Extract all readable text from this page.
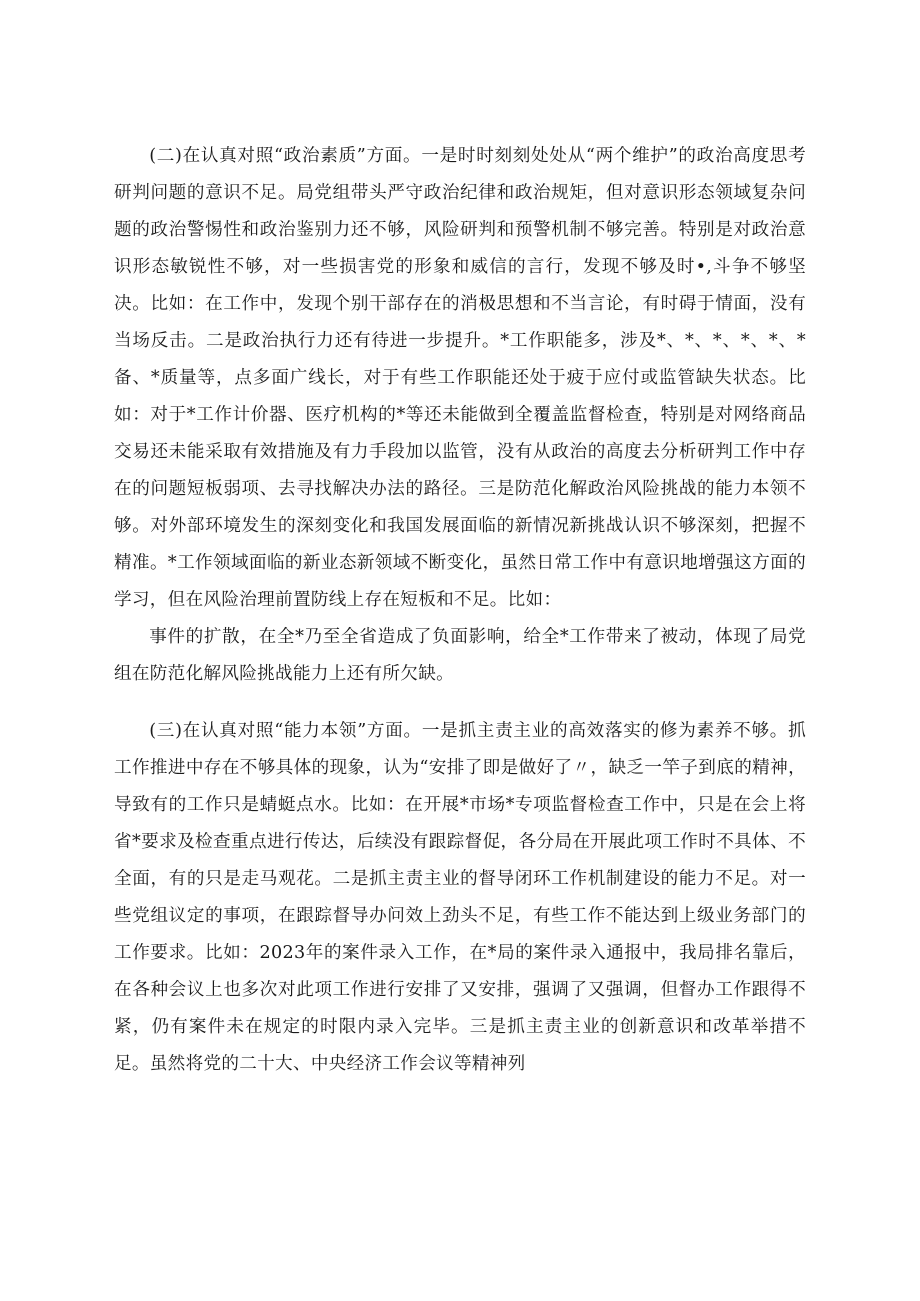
(二)在认真对照“政治素质”方面。一是时时刻刻处处从“两个维护”的政治高度思考研判问题的意识不足。局党组带头严守政治纪律和政治规矩，但对意识形态领域复杂问题的政治警惕性和政治鉴别力还不够，风险研判和预警机制不够完善。特别是对政治意识形态敏锐性不够，对一些损害党的形象和威信的言行，发现不够及时•,斗争不够坚决。比如：在工作中，发现个别干部存在的消极思想和不当言论，有时碍于情面，没有当场反击。二是政治执行力还有待进一步提升。*工作职能多，涉及*、*、*、*、*、*备、*质量等，点多面广线长，对于有些工作职能还处于疲于应付或监管缺失状态。比如：对于*工作计价器、医疗机构的*等还未能做到全覆盖监督检查，特别是对网络商品交易还未能采取有效措施及有力手段加以监管，没有从政治的高度去分析研判工作中存在的问题短板弱项、去寻找解决办法的路径。三是防范化解政治风险挑战的能力本领不够。对外部环境发生的深刻变化和我国发展面临的新情况新挑战认识不够深刻，把握不精准。*工作领域面临的新业态新领域不断变化，虽然日常工作中有意识地增强这方面的学习，但在风险治理前置防线上存在短板和不足。比如：

事件的扩散，在全*乃至全省造成了负面影响，给全*工作带来了被动，体现了局党组在防范化解风险挑战能力上还有所欠缺。

(三)在认真对照“能力本领”方面。一是抓主责主业的高效落实的修为素养不够。抓工作推进中存在不够具体的现象，认为“安排了即是做好了〃，缺乏一竿子到底的精神，导致有的工作只是蜻蜓点水。比如：在开展*市场*专项监督检查工作中，只是在会上将省*要求及检查重点进行传达，后续没有跟踪督促，各分局在开展此项工作时不具体、不全面，有的只是走马观花。二是抓主责主业的督导闭环工作机制建设的能力不足。对一些党组议定的事项，在跟踪督导办问效上劲头不足，有些工作不能达到上级业务部门的工作要求。比如：2023年的案件录入工作，在*局的案件录入通报中，我局排名靠后，在各种会议上也多次对此项工作进行安排了又安排，强调了又强调，但督办工作跟得不紧，仍有案件未在规定的时限内录入完毕。三是抓主责主业的创新意识和改革举措不足。虽然将党的二十大、中央经济工作会议等精神列
